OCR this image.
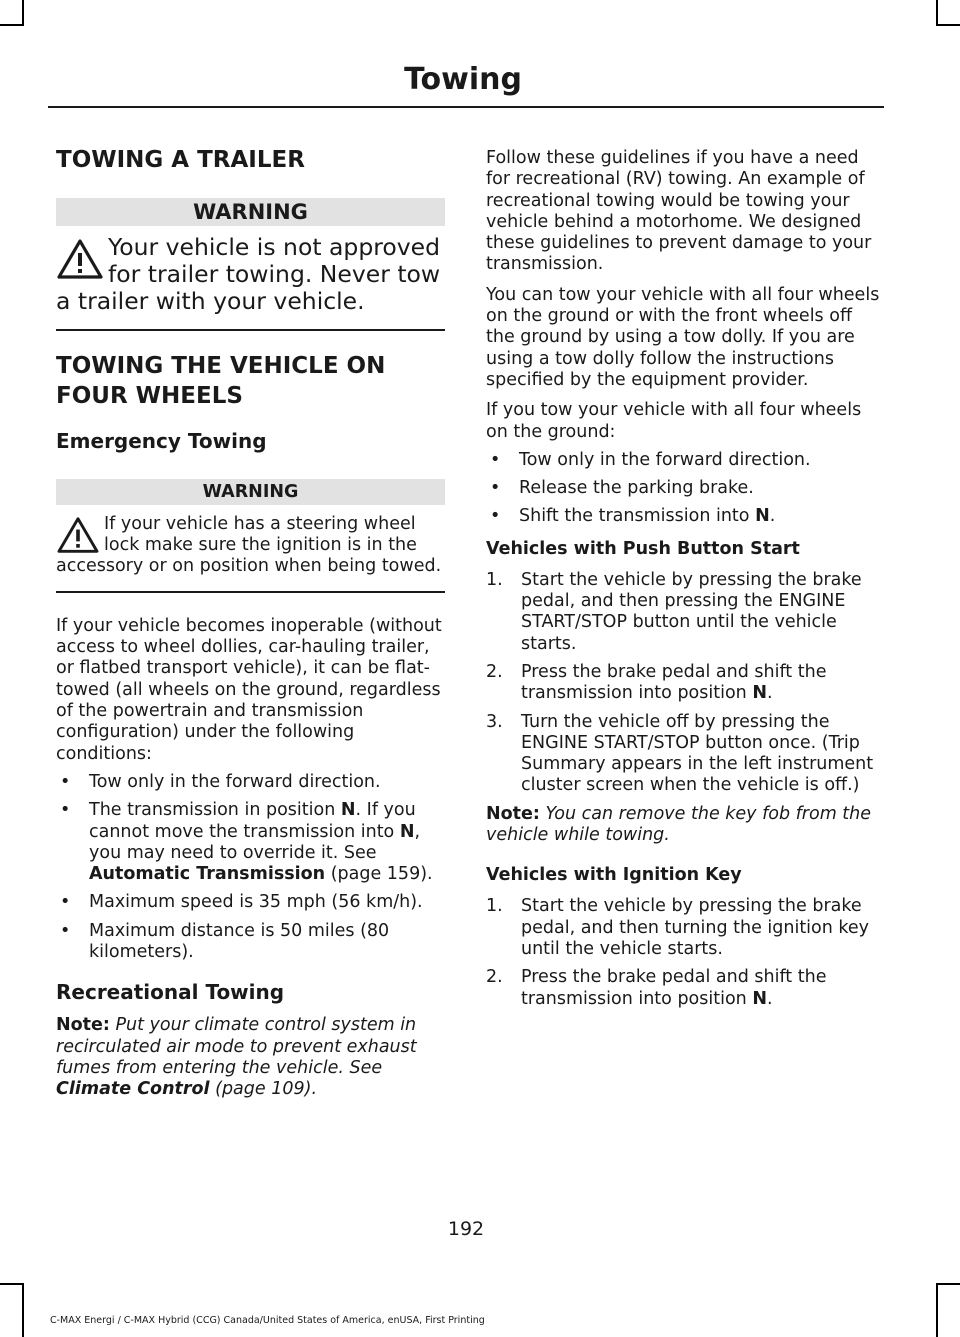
Towing
TOWING A TRAILER
WARNING
Your vehicle is not approved for trailer towing. Never tow a trailer with your vehicle.
TOWING THE VEHICLE ON
FOUR WHEELS
Emergency Towing
WARNING
If your vehicle has a steering wheel lock make sure the ignition is in the accessory or on position when being towed.

If your vehicle becomes inoperable (without access to wheel dollies, car-hauling trailer, or flatbed transport vehicle), it can be flat-towed (all wheels on the ground, regardless of the powertrain and transmission configuration) under the following conditions:

• Tow only in the forward direction.
• The transmission in position N. If you cannot move the transmission into N, you may need to override it. See Automatic Transmission (page 159).
• Maximum speed is 35 mph (56 km/h).
• Maximum distance is 50 miles (80 kilometers).
Recreational Towing

Note: Put your climate control system in recirculated air mode to prevent exhaust fumes from entering the vehicle. See Climate Control (page 109).

Follow these guidelines if you have a need for recreational (RV) towing. An example of recreational towing would be towing your vehicle behind a motorhome. We designed these guidelines to prevent damage to your transmission.

You can tow your vehicle with all four wheels on the ground or with the front wheels off the ground by using a tow dolly. If you are using a tow dolly follow the instructions specified by the equipment provider.

If you tow your vehicle with all four wheels on the ground:

• Tow only in the forward direction.
• Release the parking brake.
• Shift the transmission into N.
Vehicles with Push Button Start
1. Start the vehicle by pressing the brake pedal, and then pressing the ENGINE START/STOP button until the vehicle starts.
2. Press the brake pedal and shift the transmission into position N.
3. Turn the vehicle off by pressing the ENGINE START/STOP button once. (Trip Summary appears in the left instrument cluster screen when the vehicle is off.)

Note: You can remove the key fob from the vehicle while towing.

Vehicles with Ignition Key
1. Start the vehicle by pressing the brake pedal, and then turning the ignition key until the vehicle starts.
2. Press the brake pedal and shift the transmission into position N.
192
C-MAX Energi / C-MAX Hybrid (CCG) Canada/United States of America, enUSA, First Printing
